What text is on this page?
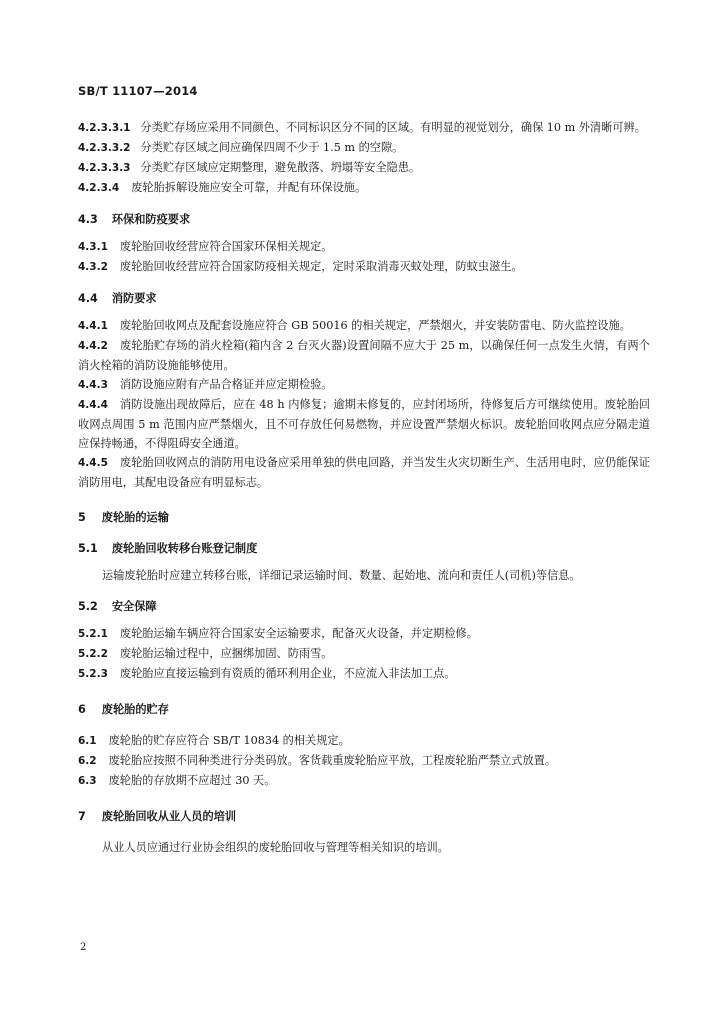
SB/T 11107—2014

4.2.3.3.1 分类贮存场应采用不同颜色、不同标识区分不同的区域。有明显的视觉划分，确保 10 m 外清晰可辨。

4.2.3.3.2 分类贮存区域之间应确保四周不少于 1.5 m 的空隙。

4.2.3.3.3 分类贮存区域应定期整理，避免散落、坍塌等安全隐患。

4.2.3.4 废轮胎拆解设施应安全可靠，并配有环保设施。

4.3 环保和防疫要求

4.3.1 废轮胎回收经营应符合国家环保相关规定。

4.3.2 废轮胎回收经营应符合国家防疫相关规定，定时采取消毒灭蚊处理，防蚊虫滋生。

4.4 消防要求

4.4.1 废轮胎回收网点及配套设施应符合 GB 50016 的相关规定，严禁烟火，并安装防雷电、防火监控设施。

4.4.2 废轮胎贮存场的消火栓箱(箱内含 2 台灭火器)设置间隔不应大于 25 m，以确保任何一点发生火情，有两个消火栓箱的消防设施能够使用。

4.4.3 消防设施应附有产品合格证并应定期检验。

4.4.4 消防设施出现故障后，应在 48 h 内修复；逾期未修复的，应封闭场所，待修复后方可继续使用。废轮胎回收网点周围 5 m 范围内应严禁烟火，且不可存放任何易燃物，并应设置严禁烟火标识。废轮胎回收网点应分隔走道应保持畅通，不得阻碍安全通道。

4.4.5 废轮胎回收网点的消防用电设备应采用单独的供电回路，并当发生火灾切断生产、生活用电时，应仍能保证消防用电，其配电设备应有明显标志。

5 废轮胎的运输

5.1 废轮胎回收转移台账登记制度

运输废轮胎时应建立转移台账，详细记录运输时间、数量、起始地、流向和责任人(司机)等信息。

5.2 安全保障

5.2.1 废轮胎运输车辆应符合国家安全运输要求，配备灭火设备，并定期检修。

5.2.2 废轮胎运输过程中，应捆绑加固、防雨雪。

5.2.3 废轮胎应直接运输到有资质的循环利用企业，不应流入非法加工点。

6 废轮胎的贮存

6.1 废轮胎的贮存应符合 SB/T 10834 的相关规定。

6.2 废轮胎应按照不同种类进行分类码放。客货载重废轮胎应平放，工程废轮胎严禁立式放置。

6.3 废轮胎的存放期不应超过 30 天。

7 废轮胎回收从业人员的培训

从业人员应通过行业协会组织的废轮胎回收与管理等相关知识的培训。

2
